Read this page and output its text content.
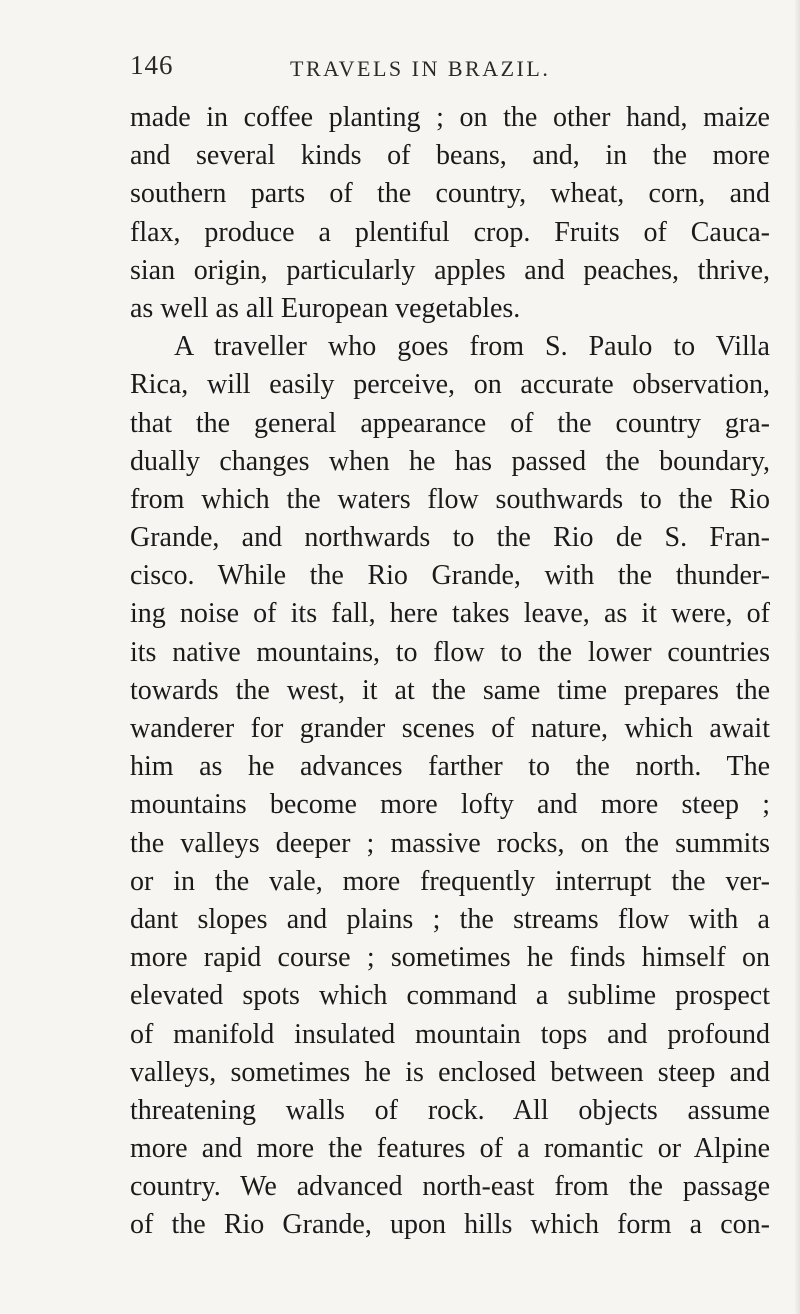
146	TRAVELS IN BRAZIL.
made in coffee planting ; on the other hand, maize
and several kinds of beans, and, in the more
southern parts of the country, wheat, corn, and
flax, produce a plentiful crop. Fruits of Cauca-
sian origin, particularly apples and peaches, thrive,
as well as all European vegetables.
A traveller who goes from S. Paulo to Villa
Rica, will easily perceive, on accurate observation,
that the general appearance of the country gra-
dually changes when he has passed the boundary,
from which the waters flow southwards to the Rio
Grande, and northwards to the Rio de S. Fran-
cisco. While the Rio Grande, with the thunder-
ing noise of its fall, here takes leave, as it were, of
its native mountains, to flow to the lower countries
towards the west, it at the same time prepares the
wanderer for grander scenes of nature, which await
him as he advances farther to the north. The
mountains become more lofty and more steep ;
the valleys deeper ; massive rocks, on the summits
or in the vale, more frequently interrupt the ver-
dant slopes and plains ; the streams flow with a
more rapid course ; sometimes he finds himself on
elevated spots which command a sublime prospect
of manifold insulated mountain tops and profound
valleys, sometimes he is enclosed between steep and
threatening walls of rock. All objects assume
more and more the features of a romantic or Alpine
country. We advanced north-east from the passage
of the Rio Grande, upon hills which form a con-
